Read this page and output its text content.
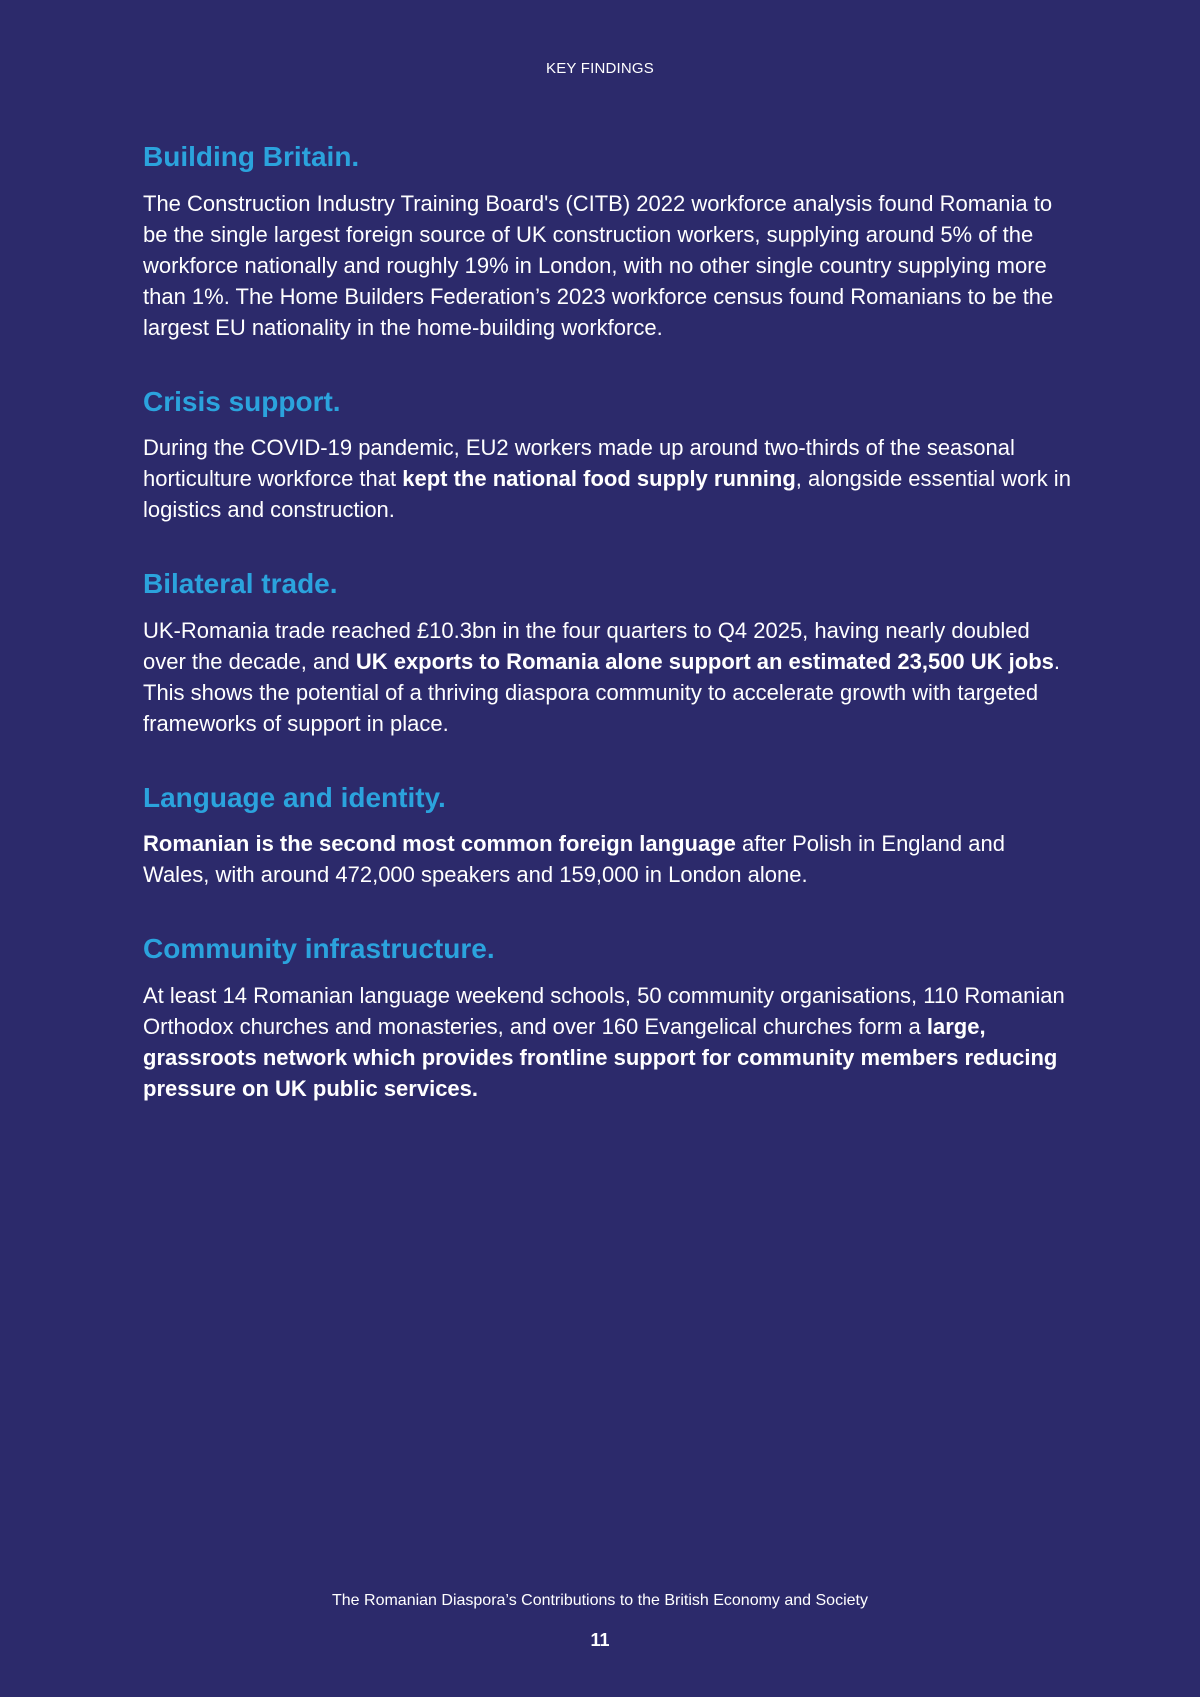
KEY FINDINGS
Building Britain.

The Construction Industry Training Board's (CITB) 2022 workforce analysis found Romania to be the single largest foreign source of UK construction workers, supplying around 5% of the workforce nationally and roughly 19% in London, with no other single country supplying more than 1%. The Home Builders Federation’s 2023 workforce census found Romanians to be the largest EU nationality in the home-building workforce.

Crisis support.

During the COVID-19 pandemic, EU2 workers made up around two-thirds of the seasonal horticulture workforce that kept the national food supply running, alongside essential work in logistics and construction.

Bilateral trade.

UK-Romania trade reached £10.3bn in the four quarters to Q4 2025, having nearly doubled over the decade, and UK exports to Romania alone support an estimated 23,500 UK jobs. This shows the potential of a thriving diaspora community to accelerate growth with targeted frameworks of support in place.

Language and identity.

Romanian is the second most common foreign language after Polish in England and Wales, with around 472,000 speakers and 159,000 in London alone.

Community infrastructure.

At least 14 Romanian language weekend schools, 50 community organisations, 110 Romanian Orthodox churches and monasteries, and over 160 Evangelical churches form a large, grassroots network which provides frontline support for community members reducing pressure on UK public services.

The Romanian Diaspora’s Contributions to the British Economy and Society
11
